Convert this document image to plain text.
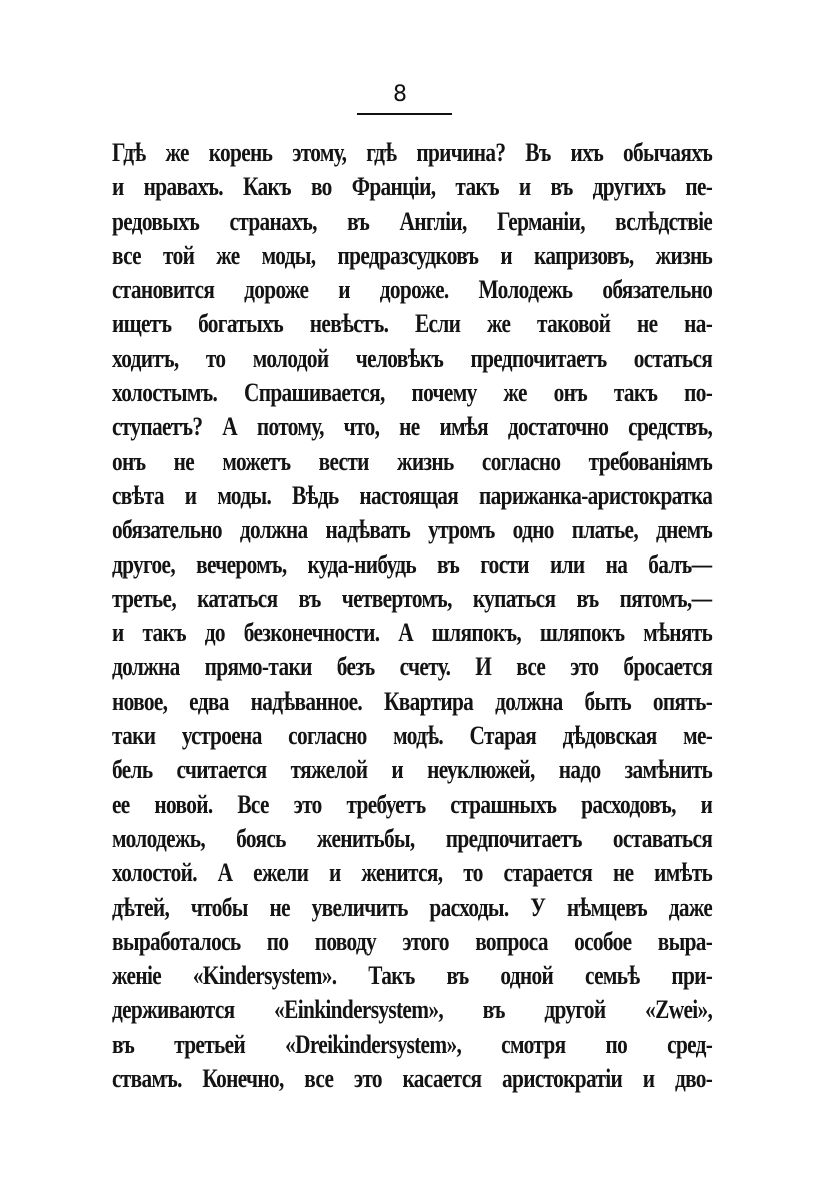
8
Гдѣ же корень этому, гдѣ причина? Въ ихъ обычаяхъ
и нравахъ. Какъ во Франціи, такъ и въ другихъ пе-
редовыхъ странахъ, въ Англіи, Германіи, вслѣдствіе
все той же моды, предразсудковъ и капризовъ, жизнь
становится дороже и дороже. Молодежь обязательно
ищетъ богатыхъ невѣстъ. Если же таковой не на-
ходитъ, то молодой человѣкъ предпочитаетъ остаться
холостымъ. Спрашивается, почему же онъ такъ по-
ступаетъ? А потому, что, не имѣя достаточно средствъ,
онъ не можетъ вести жизнь согласно требованіямъ
свѣта и моды. Вѣдь настоящая парижанка-аристократка
обязательно должна надѣвать утромъ одно платье, днемъ
другое, вечеромъ, куда-нибудь въ гости или на балъ—
третье, кататься въ четвертомъ, купаться въ пятомъ,—
и такъ до безконечности. А шляпокъ, шляпокъ мѣнять
должна прямо-таки безъ счету. И все это бросается
новое, едва надѣванное. Квартира должна быть опять-
таки устроена согласно модѣ. Старая дѣдовская ме-
бель считается тяжелой и неуклюжей, надо замѣнить
ее новой. Все это требуетъ страшныхъ расходовъ, и
молодежь, боясь женитьбы, предпочитаетъ оставаться
холостой. А ежели и женится, то старается не имѣть
дѣтей, чтобы не увеличить расходы. У нѣмцевъ даже
выработалось по поводу этого вопроса особое выра-
женіе «Kindersystem». Такъ въ одной семьѣ при-
держиваются «Einkindersystem», въ другой «Zwei»,
въ третьей «Dreikindersystem», смотря по сред-
ствамъ. Конечно, все это касается аристократіи и дво-
